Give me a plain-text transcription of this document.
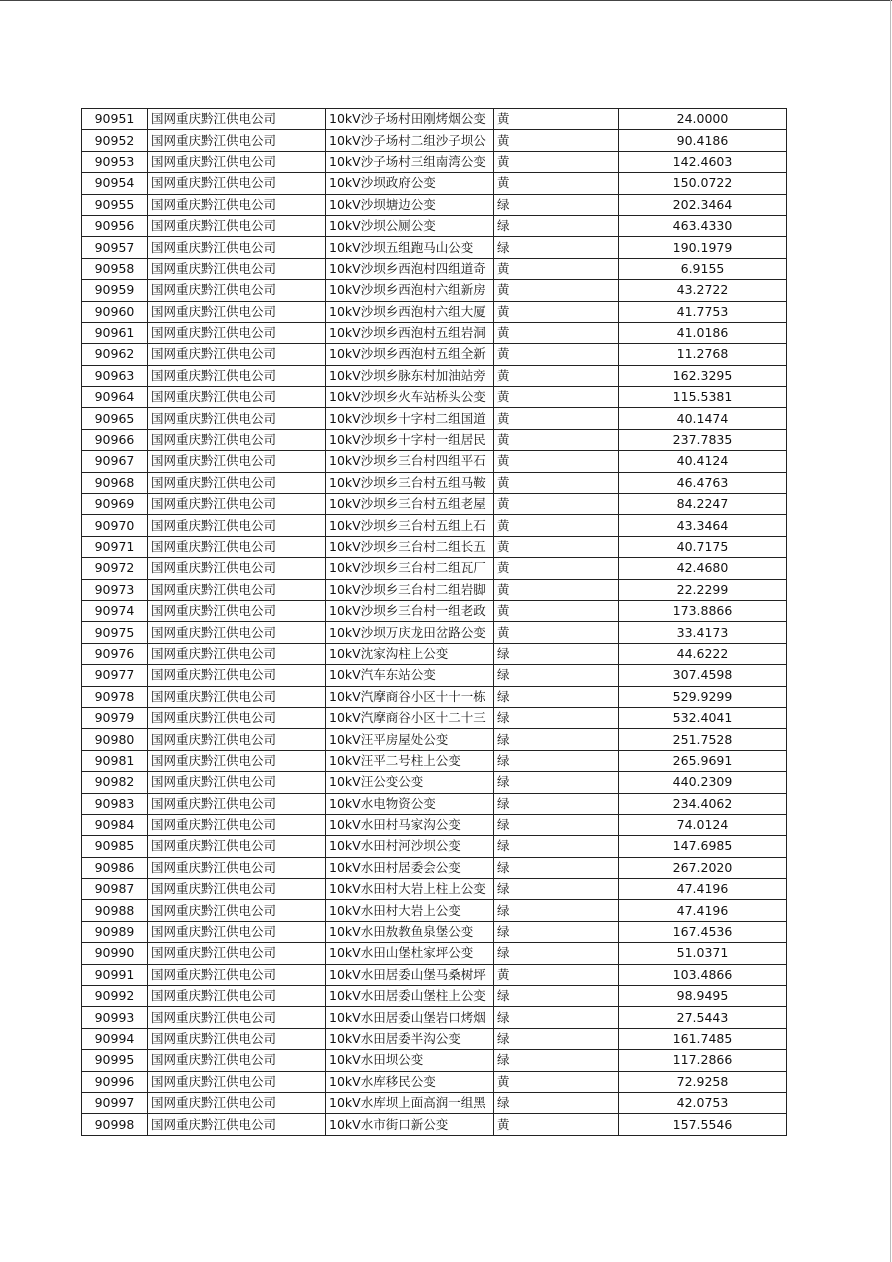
90951	国网重庆黔江供电公司	10kV沙子场村田刚烤烟公变	黄	24.0000
90952	国网重庆黔江供电公司	10kV沙子场村二组沙子坝公	黄	90.4186
90953	国网重庆黔江供电公司	10kV沙子场村三组南湾公变	黄	142.4603
90954	国网重庆黔江供电公司	10kV沙坝政府公变	黄	150.0722
90955	国网重庆黔江供电公司	10kV沙坝塘边公变	绿	202.3464
90956	国网重庆黔江供电公司	10kV沙坝公厕公变	绿	463.4330
90957	国网重庆黔江供电公司	10kV沙坝五组跑马山公变	绿	190.1979
90958	国网重庆黔江供电公司	10kV沙坝乡西泡村四组道奇	黄	6.9155
90959	国网重庆黔江供电公司	10kV沙坝乡西泡村六组新房	黄	43.2722
90960	国网重庆黔江供电公司	10kV沙坝乡西泡村六组大厦	黄	41.7753
90961	国网重庆黔江供电公司	10kV沙坝乡西泡村五组岩洞	黄	41.0186
90962	国网重庆黔江供电公司	10kV沙坝乡西泡村五组全新	黄	11.2768
90963	国网重庆黔江供电公司	10kV沙坝乡脉东村加油站旁	黄	162.3295
90964	国网重庆黔江供电公司	10kV沙坝乡火车站桥头公变	黄	115.5381
90965	国网重庆黔江供电公司	10kV沙坝乡十字村二组国道	黄	40.1474
90966	国网重庆黔江供电公司	10kV沙坝乡十字村一组居民	黄	237.7835
90967	国网重庆黔江供电公司	10kV沙坝乡三台村四组平石	黄	40.4124
90968	国网重庆黔江供电公司	10kV沙坝乡三台村五组马鞍	黄	46.4763
90969	国网重庆黔江供电公司	10kV沙坝乡三台村五组老屋	黄	84.2247
90970	国网重庆黔江供电公司	10kV沙坝乡三台村五组上石	黄	43.3464
90971	国网重庆黔江供电公司	10kV沙坝乡三台村二组长五	黄	40.7175
90972	国网重庆黔江供电公司	10kV沙坝乡三台村二组瓦厂	黄	42.4680
90973	国网重庆黔江供电公司	10kV沙坝乡三台村二组岩脚	黄	22.2299
90974	国网重庆黔江供电公司	10kV沙坝乡三台村一组老政	黄	173.8866
90975	国网重庆黔江供电公司	10kV沙坝万庆龙田岔路公变	黄	33.4173
90976	国网重庆黔江供电公司	10kV沈家沟柱上公变	绿	44.6222
90977	国网重庆黔江供电公司	10kV汽车东站公变	绿	307.4598
90978	国网重庆黔江供电公司	10kV汽摩商谷小区十十一栋	绿	529.9299
90979	国网重庆黔江供电公司	10kV汽摩商谷小区十二十三	绿	532.4041
90980	国网重庆黔江供电公司	10kV汪平房屋处公变	绿	251.7528
90981	国网重庆黔江供电公司	10kV汪平二号柱上公变	绿	265.9691
90982	国网重庆黔江供电公司	10kV汪公变公变	绿	440.2309
90983	国网重庆黔江供电公司	10kV水电物资公变	绿	234.4062
90984	国网重庆黔江供电公司	10kV水田村马家沟公变	绿	74.0124
90985	国网重庆黔江供电公司	10kV水田村河沙坝公变	绿	147.6985
90986	国网重庆黔江供电公司	10kV水田村居委会公变	绿	267.2020
90987	国网重庆黔江供电公司	10kV水田村大岩上柱上公变	绿	47.4196
90988	国网重庆黔江供电公司	10kV水田村大岩上公变	绿	47.4196
90989	国网重庆黔江供电公司	10kV水田敖教鱼泉堡公变	绿	167.4536
90990	国网重庆黔江供电公司	10kV水田山堡杜家坪公变	绿	51.0371
90991	国网重庆黔江供电公司	10kV水田居委山堡马桑树坪	黄	103.4866
90992	国网重庆黔江供电公司	10kV水田居委山堡柱上公变	绿	98.9495
90993	国网重庆黔江供电公司	10kV水田居委山堡岩口烤烟	绿	27.5443
90994	国网重庆黔江供电公司	10kV水田居委半沟公变	绿	161.7485
90995	国网重庆黔江供电公司	10kV水田坝公变	绿	117.2866
90996	国网重庆黔江供电公司	10kV水库移民公变	黄	72.9258
90997	国网重庆黔江供电公司	10kV水库坝上面高润一组黑	绿	42.0753
90998	国网重庆黔江供电公司	10kV水市街口新公变	黄	157.5546
